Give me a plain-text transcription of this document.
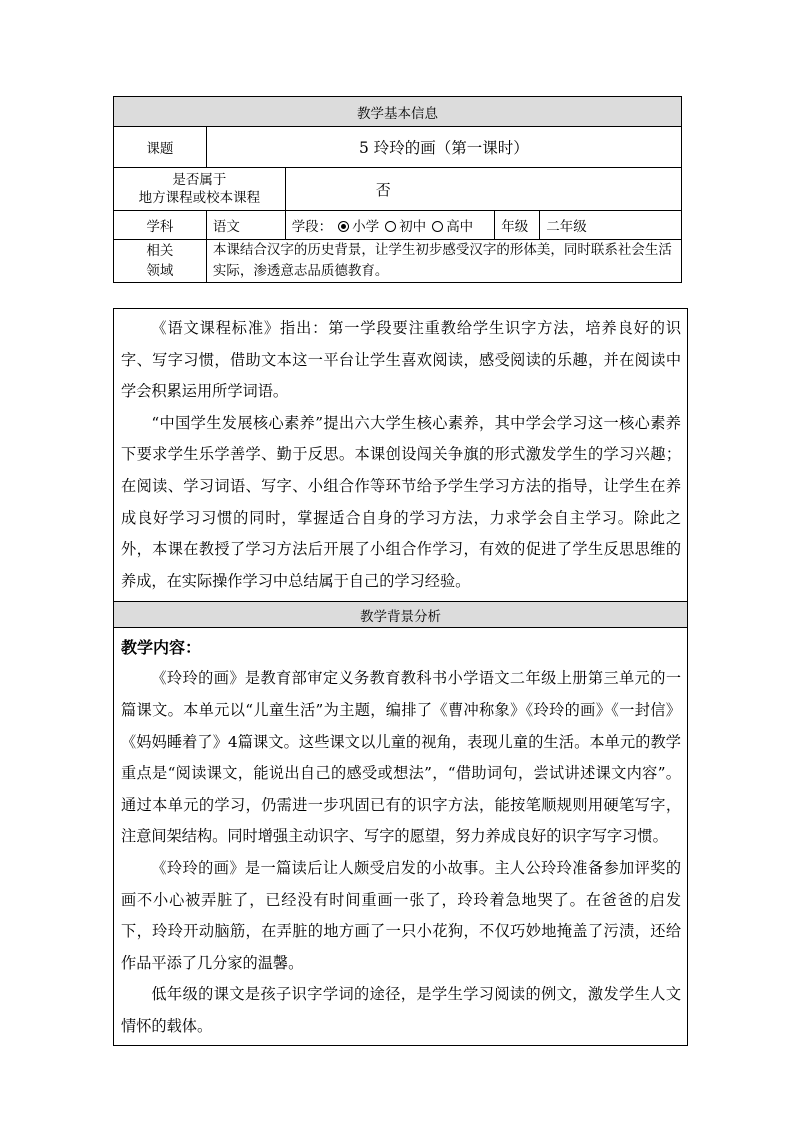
教学基本信息				
课题	5 玲玲的画（第一课时）			
是否属于
地方课程或校本课程		否		
学科	语文	学段： 小学 初中 高中	年级	二年级
相关
领域	本课结合汉字的历史背景，让学生初步感受汉字的形体美，同时联系社会生活实际，渗透意志品质德教育。			

《语文课程标准》指出：第一学段要注重教给学生识字方法，培养良好的识字、写字习惯，借助文本这一平台让学生喜欢阅读，感受阅读的乐趣，并在阅读中学会积累运用所学词语。

“中国学生发展核心素养”提出六大学生核心素养，其中学会学习这一核心素养下要求学生乐学善学、勤于反思。本课创设闯关争旗的形式激发学生的学习兴趣；在阅读、学习词语、写字、小组合作等环节给予学生学习方法的指导，让学生在养成良好学习习惯的同时，掌握适合自身的学习方法，力求学会自主学习。除此之外，本课在教授了学习方法后开展了小组合作学习，有效的促进了学生反思思维的养成，在实际操作学习中总结属于自己的学习经验。

教学背景分析

教学内容：

《玲玲的画》是教育部审定义务教育教科书小学语文二年级上册第三单元的一篇课文。本单元以“儿童生活”为主题，编排了《曹冲称象》《玲玲的画》《一封信》《妈妈睡着了》4篇课文。这些课文以儿童的视角，表现儿童的生活。本单元的教学重点是“阅读课文，能说出自己的感受或想法”，“借助词句，尝试讲述课文内容”。通过本单元的学习，仍需进一步巩固已有的识字方法，能按笔顺规则用硬笔写字，注意间架结构。同时增强主动识字、写字的愿望，努力养成良好的识字写字习惯。

《玲玲的画》是一篇读后让人颇受启发的小故事。主人公玲玲准备参加评奖的画不小心被弄脏了，已经没有时间重画一张了，玲玲着急地哭了。在爸爸的启发下，玲玲开动脑筋，在弄脏的地方画了一只小花狗，不仅巧妙地掩盖了污渍，还给作品平添了几分家的温馨。

低年级的课文是孩子识字学词的途径，是学生学习阅读的例文，激发学生人文情怀的载体。
